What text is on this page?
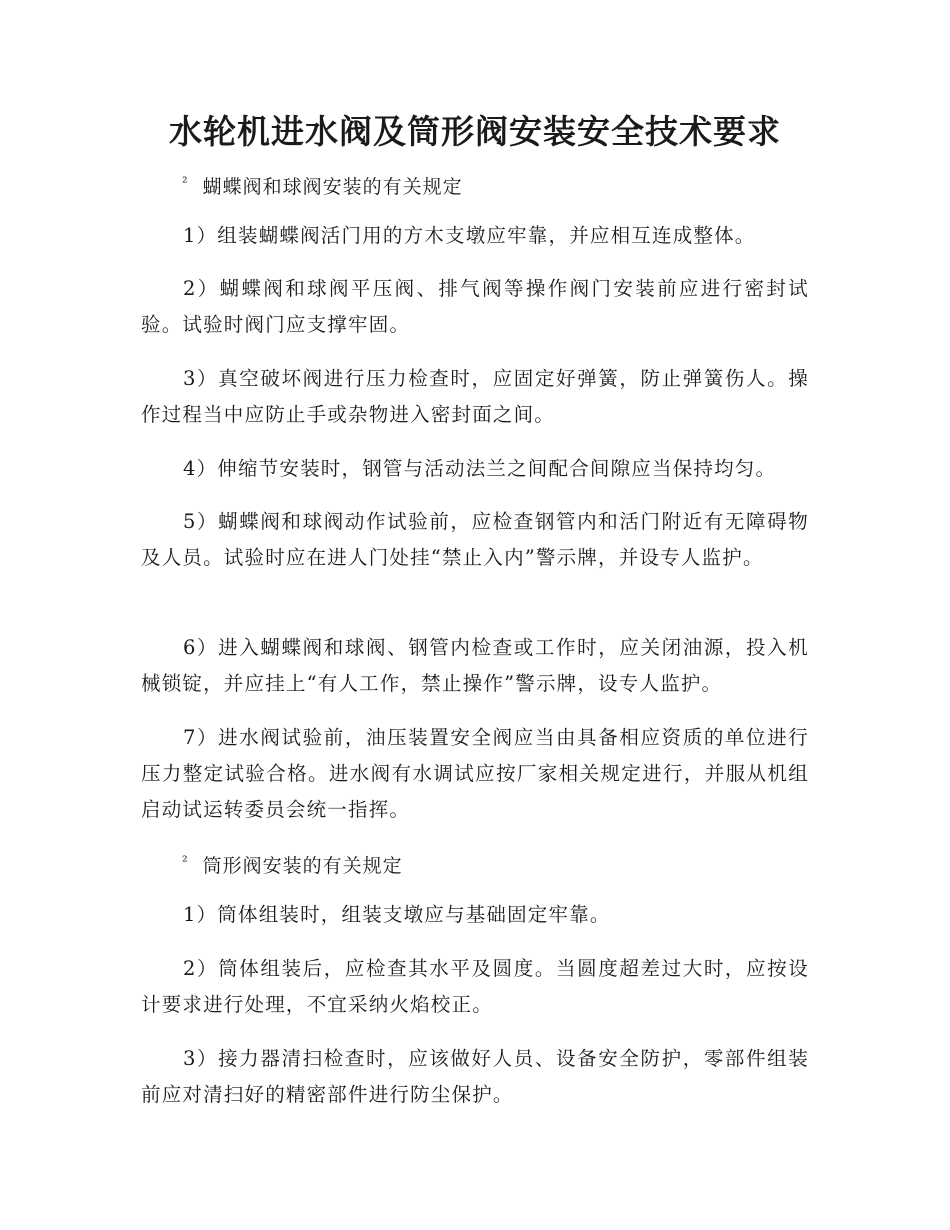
水轮机进水阀及筒形阀安装安全技术要求
$^{^2}$ 蝴蝶阀和球阀安装的有关规定
1）组装蝴蝶阀活门用的方木支墩应牢靠，并应相互连成整体。
2）蝴蝶阀和球阀平压阀、排气阀等操作阀门安装前应进行密封试验。试验时阀门应支撑牢固。
3）真空破坏阀进行压力检查时，应固定好弹簧，防止弹簧伤人。操作过程当中应防止手或杂物进入密封面之间。
4）伸缩节安装时，钢管与活动法兰之间配合间隙应当保持均匀。
5）蝴蝶阀和球阀动作试验前，应检查钢管内和活门附近有无障碍物及人员。试验时应在进人门处挂“禁止入内”警示牌，并设专人监护。
6）进入蝴蝶阀和球阀、钢管内检查或工作时，应关闭油源，投入机械锁锭，并应挂上“有人工作，禁止操作”警示牌，设专人监护。
7）进水阀试验前，油压装置安全阀应当由具备相应资质的单位进行压力整定试验合格。进水阀有水调试应按厂家相关规定进行，并服从机组启动试运转委员会统一指挥。
$^{^2}$ 筒形阀安装的有关规定
1）筒体组装时，组装支墩应与基础固定牢靠。
2）筒体组装后，应检查其水平及圆度。当圆度超差过大时，应按设计要求进行处理，不宜采纳火焰校正。
3）接力器清扫检查时，应该做好人员、设备安全防护，零部件组装前应对清扫好的精密部件进行防尘保护。
